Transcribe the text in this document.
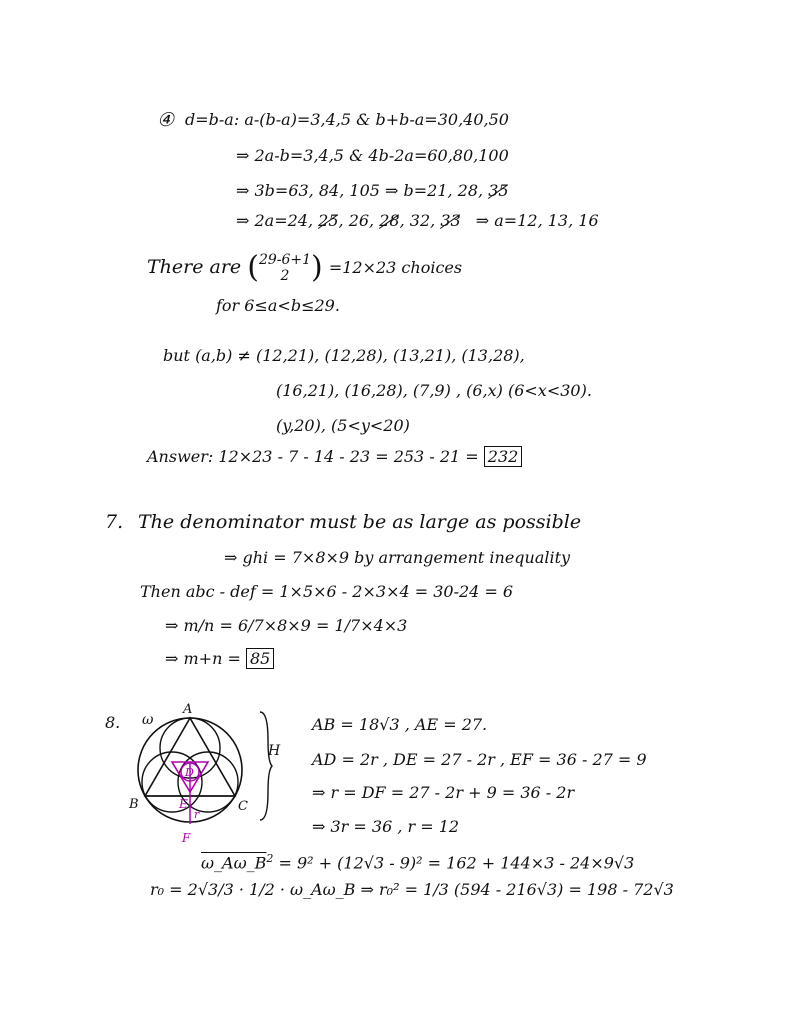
④ d=b-a: a-(b-a)=3,4,5 & b+b-a=30,40,50
⇒ 2a-b=3,4,5 & 4b-2a=60,80,100
⇒ 3b=63, 84, 105 ⇒ b=21, 28, 35
⇒ 2a=24, 25, 26, 28, 32, 33 ⇒ a=12, 13, 16
There are ( 29-6+1
2 ) =12×23 choices
for 6≤a<b≤29.
but (a,b) ≠ (12,21), (12,28), (13,21), (13,28),
(16,21), (16,28), (7,9) , (6,x) (6<x<30).
(y,20), (5<y<20)
Answer: 12×23 - 7 - 14 - 23 = 253 - 21 = 232
7. The denominator must be as large as possible
⇒ ghi = 7×8×9 by arrangement inequality
Then abc - def = 1×5×6 - 2×3×4 = 30-24 = 6
⇒ m/n = 6/7×8×9 = 1/7×4×3
⇒ m+n = 85
8. ω
A
B	C
D
E
r
F
H
AB = 18√3 , AE = 27.
AD = 2r , DE = 27 - 2r , EF = 36 - 27 = 9
⇒ r = DF = 27 - 2r + 9 = 36 - 2r
⇒ 3r = 36 , r = 12
$\omega\_A\omega\_B^2 = 9^2 + (12√3 - 9)^2 = 162 + 144\times 3 - 24\times 9√3$
r₀ = 2√3/3 · 1/2 · ω_Aω_B ⇒ r₀² = 1/3 (594 - 216√3) = 198 - 72√3
